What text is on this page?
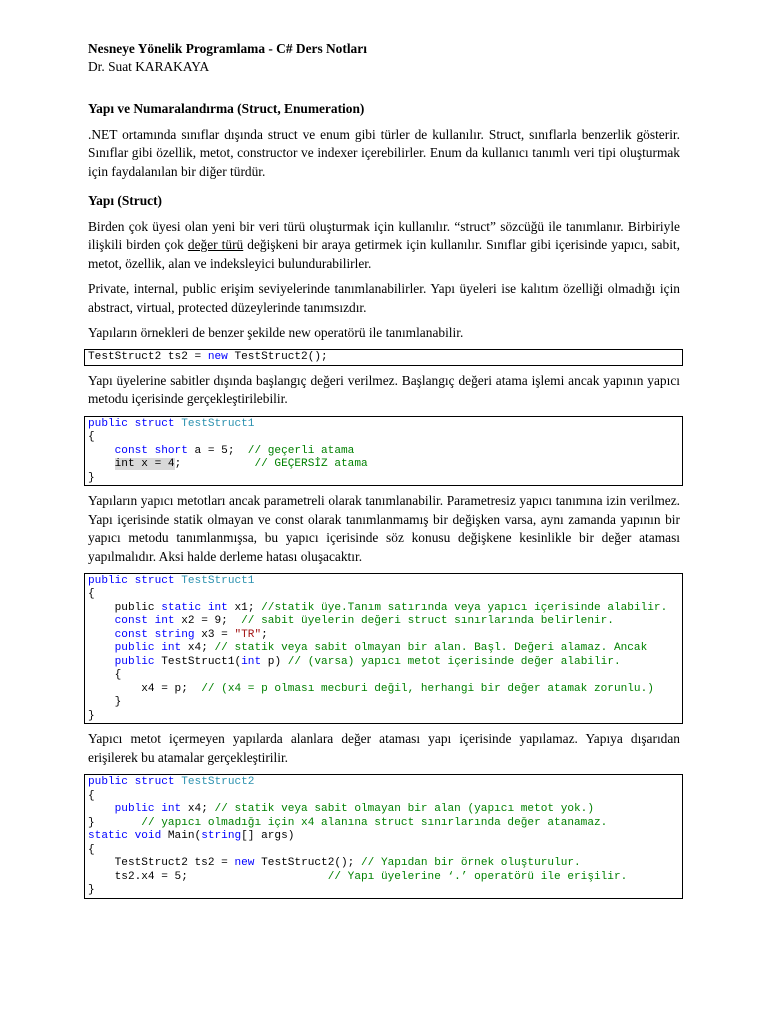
Nesneye Yönelik Programlama - C# Ders Notları

Dr. Suat KARAKAYA

Yapı ve Numaralandırma (Struct, Enumeration)

.NET ortamında sınıflar dışında struct ve enum gibi türler de kullanılır. Struct, sınıflarla benzerlik gösterir. Sınıflar gibi özellik, metot, constructor ve indexer içerebilirler. Enum da kullanıcı tanımlı veri tipi oluşturmak için faydalanılan bir diğer türdür.

Yapı (Struct)

Birden çok üyesi olan yeni bir veri türü oluşturmak için kullanılır. “struct” sözcüğü ile tanımlanır. Birbiriyle ilişkili birden çok değer türü değişkeni bir araya getirmek için kullanılır. Sınıflar gibi içerisinde yapıcı, sabit, metot, özellik, alan ve indeksleyici bulundurabilirler.

Private, internal, public erişim seviyelerinde tanımlanabilirler. Yapı üyeleri ise kalıtım özelliği olmadığı için abstract, virtual, protected düzeylerinde tanımsızdır.

Yapıların örnekleri de benzer şekilde new operatörü ile tanımlanabilir.

TestStruct2 ts2 = new TestStruct2();

Yapı üyelerine sabitler dışında başlangıç değeri verilmez. Başlangıç değeri atama işlemi ancak yapının yapıcı metodu içerisinde gerçekleştirilebilir.

public struct TestStruct1
{
const short a = 5;  // geçerli atama
int x = 4;           // GEÇERSİZ atama
}

Yapıların yapıcı metotları ancak parametreli olarak tanımlanabilir. Parametresiz yapıcı tanımına izin verilmez. Yapı içerisinde statik olmayan ve const olarak tanımlanmamış bir değişken varsa, aynı zamanda yapının bir yapıcı metodu tanımlanmışsa, bu yapıcı içerisinde söz konusu değişkene kesinlikle bir değer ataması yapılmalıdır. Aksi halde derleme hatası oluşacaktır.

public struct TestStruct1
{
public static int x1; //statik üye.Tanım satırında veya yapıcı içerisinde alabilir.
const int x2 = 9;  // sabit üyelerin değeri struct sınırlarında belirlenir.
const string x3 = "TR";
public int x4; // statik veya sabit olmayan bir alan. Başl. Değeri alamaz. Ancak
public TestStruct1(int p) // (varsa) yapıcı metot içerisinde değer alabilir.
{
x4 = p;  // (x4 = p olması mecburi değil, herhangi bir değer atamak zorunlu.)
}
}

Yapıcı metot içermeyen yapılarda alanlara değer ataması yapı içerisinde yapılamaz. Yapıya dışarıdan erişilerek bu atamalar gerçekleştirilir.

public struct TestStruct2
{
public int x4; // statik veya sabit olmayan bir alan (yapıcı metot yok.)
}	// yapıcı olmadığı için x4 alanına struct sınırlarında değer atanamaz.
static void Main(string[] args)
{
TestStruct2 ts2 = new TestStruct2(); // Yapıdan bir örnek oluşturulur.
ts2.x4 = 5;                     // Yapı üyelerine ‘.’ operatörü ile erişilir.
}
